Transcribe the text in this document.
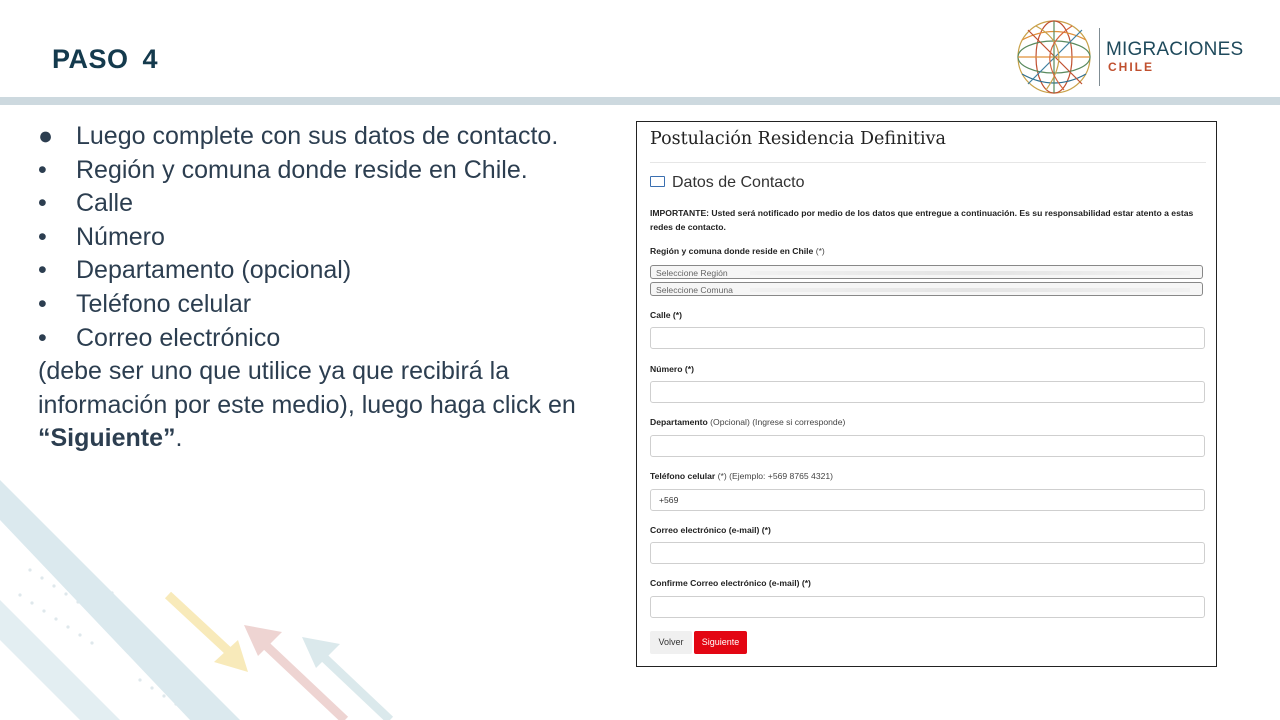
PASO 4	MIGRACIONES
CHILE
● Luego complete con sus datos de contacto.
•	Región y comuna donde reside en Chile.
•	Calle
•	Número
•	Departamento (opcional)
•	Teléfono celular
•	Correo electrónico
(debe ser uno que utilice ya que recibirá la información por este medio), luego haga click en “Siguiente”.
Postulación Residencia Definitiva
Datos de Contacto
IMPORTANTE: Usted será notificado por medio de los datos que entregue a continuación. Es su responsabilidad estar atento a estas redes de contacto.
Región y comuna donde reside en Chile (*)
Seleccione Región
Seleccione Comuna
Calle (*)
Número (*)
Departamento (Opcional) (Ingrese si corresponde)
Teléfono celular (*) (Ejemplo: +569 8765 4321)
+569
Correo electrónico (e-mail) (*)
Confirme Correo electrónico (e-mail) (*)
Volver	Siguiente
